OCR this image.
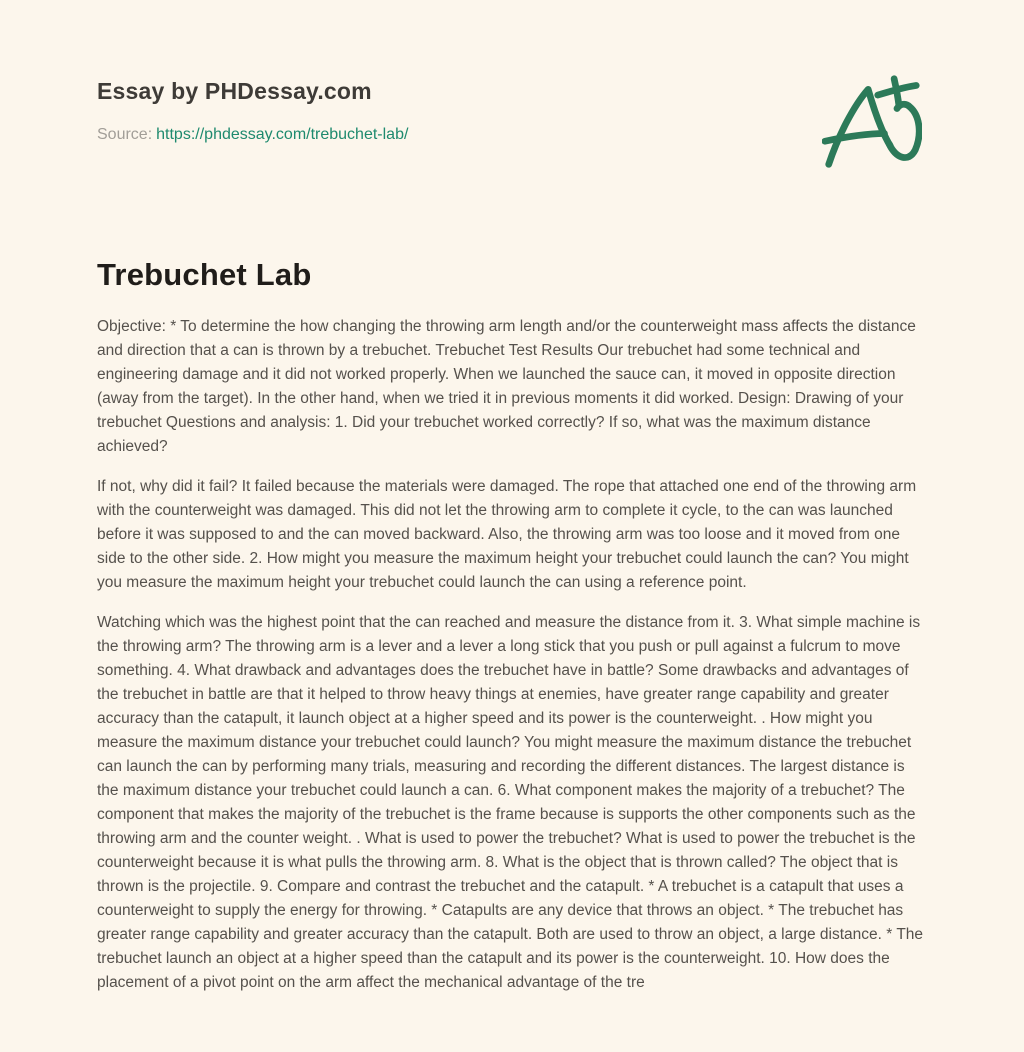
Essay by PHDessay.com

Source: https://phdessay.com/trebuchet-lab/

Trebuchet Lab

Objective: * To determine the how changing the throwing arm length and/or the counterweight mass affects the distance and direction that a can is thrown by a trebuchet. Trebuchet Test Results Our trebuchet had some technical and engineering damage and it did not worked properly. When we launched the sauce can, it moved in opposite direction (away from the target). In the other hand, when we tried it in previous moments it did worked. Design: Drawing of your trebuchet Questions and analysis: 1. Did your trebuchet worked correctly? If so, what was the maximum distance achieved?

If not, why did it fail? It failed because the materials were damaged. The rope that attached one end of the throwing arm with the counterweight was damaged. This did not let the throwing arm to complete it cycle, to the can was launched before it was supposed to and the can moved backward. Also, the throwing arm was too loose and it moved from one side to the other side. 2. How might you measure the maximum height your trebuchet could launch the can? You might you measure the maximum height your trebuchet could launch the can using a reference point.

Watching which was the highest point that the can reached and measure the distance from it. 3. What simple machine is the throwing arm? The throwing arm is a lever and a lever a long stick that you push or pull against a fulcrum to move something. 4. What drawback and advantages does the trebuchet have in battle? Some drawbacks and advantages of the trebuchet in battle are that it helped to throw heavy things at enemies, have greater range capability and greater accuracy than the catapult, it launch object at a higher speed and its power is the counterweight. . How might you measure the maximum distance your trebuchet could launch? You might measure the maximum distance the trebuchet can launch the can by performing many trials, measuring and recording the different distances. The largest distance is the maximum distance your trebuchet could launch a can. 6. What component makes the majority of a trebuchet? The component that makes the majority of the trebuchet is the frame because is supports the other components such as the throwing arm and the counter weight. . What is used to power the trebuchet? What is used to power the trebuchet is the counterweight because it is what pulls the throwing arm. 8. What is the object that is thrown called? The object that is thrown is the projectile. 9. Compare and contrast the trebuchet and the catapult. * A trebuchet is a catapult that uses a counterweight to supply the energy for throwing. * Catapults are any device that throws an object. * The trebuchet has greater range capability and greater accuracy than the catapult. Both are used to throw an object, a large distance. * The trebuchet launch an object at a higher speed than the catapult and its power is the counterweight. 10. How does the placement of a pivot point on the arm affect the mechanical advantage of the tre
